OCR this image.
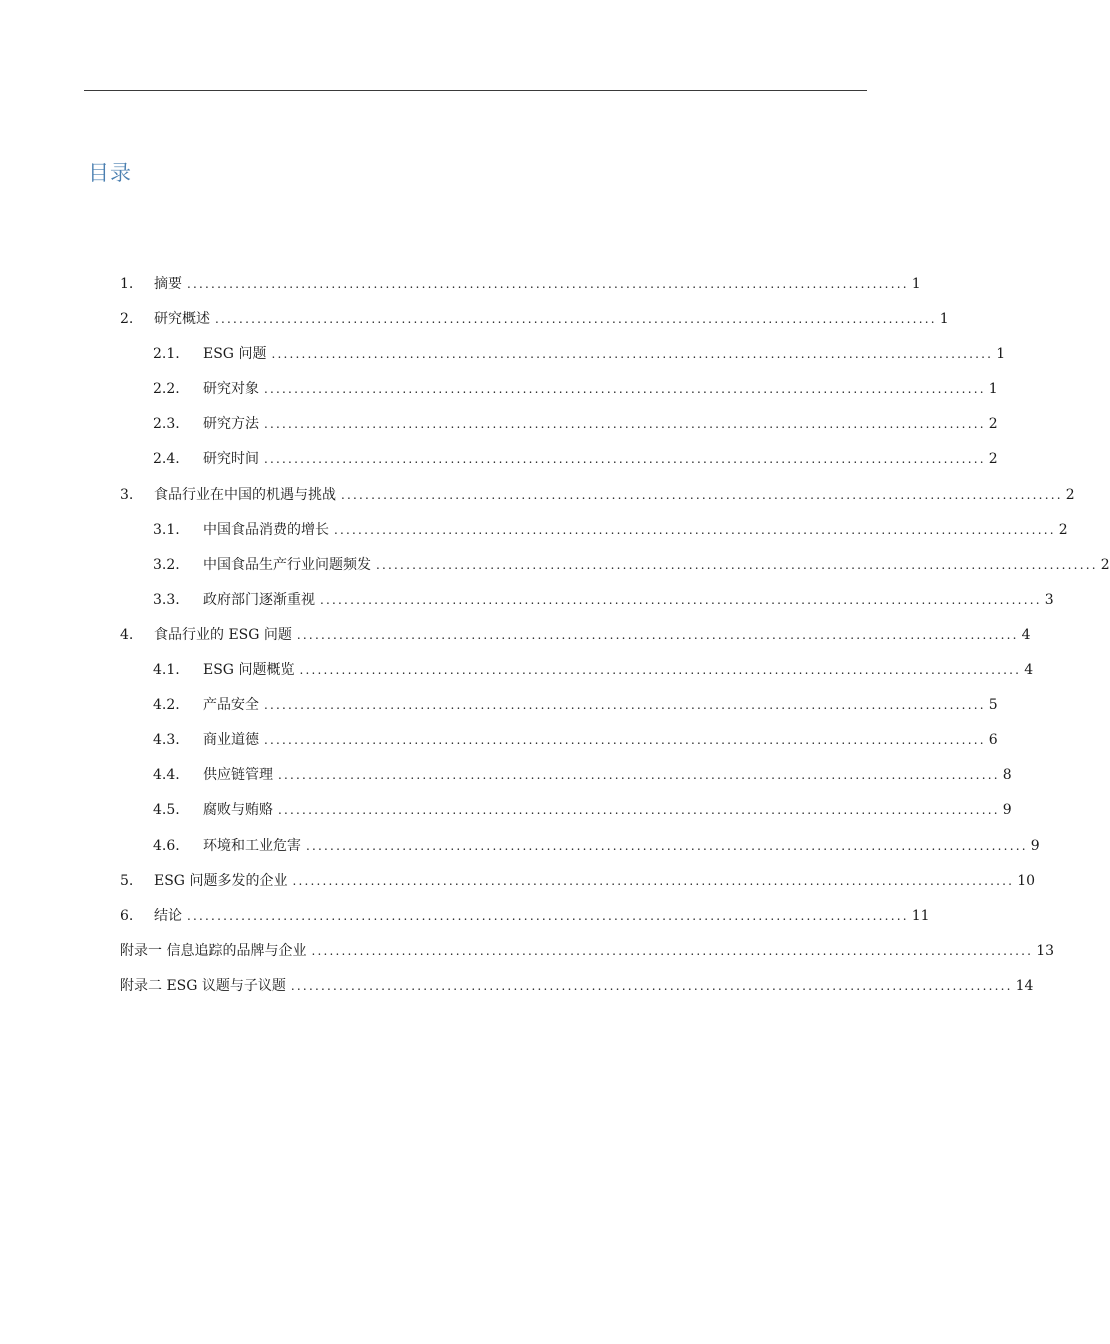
目录
1.	摘要 ........................................................................................................................ 1
2.	研究概述 ........................................................................................................................ 1
2.1.	ESG 问题 ........................................................................................................................ 1
2.2.	研究对象 ........................................................................................................................ 1
2.3.	研究方法 ........................................................................................................................ 2
2.4.	研究时间 ........................................................................................................................ 2
3.	食品行业在中国的机遇与挑战 ........................................................................................................................ 2
3.1.	中国食品消费的增长 ........................................................................................................................ 2
3.2.	中国食品生产行业问题频发 ........................................................................................................................ 2
3.3.	政府部门逐渐重视 ........................................................................................................................ 3
4.	食品行业的 ESG 问题 ........................................................................................................................ 4
4.1.	ESG 问题概览 ........................................................................................................................ 4
4.2.	产品安全 ........................................................................................................................ 5
4.3.	商业道德 ........................................................................................................................ 6
4.4.	供应链管理 ........................................................................................................................ 8
4.5.	腐败与贿赂 ........................................................................................................................ 9
4.6.	环境和工业危害 ........................................................................................................................ 9
5.	ESG 问题多发的企业 ........................................................................................................................ 10
6.	结论 ........................................................................................................................ 11
附录一 信息追踪的品牌与企业 ........................................................................................................................ 13
附录二 ESG 议题与子议题 ........................................................................................................................ 14
